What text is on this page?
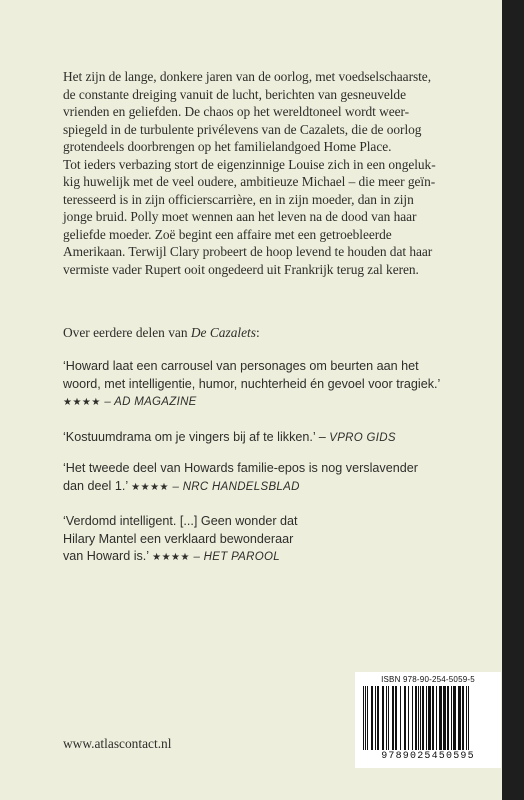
Het zijn de lange, donkere jaren van de oorlog, met voedselschaarste,

de constante dreiging vanuit de lucht, berichten van gesneuvelde

vrienden en geliefden. De chaos op het wereldtoneel wordt weer-

spiegeld in de turbulente privélevens van de Cazalets, die de oorlog

grotendeels doorbrengen op het familielandgoed Home Place.

Tot ieders verbazing stort de eigenzinnige Louise zich in een ongeluk-

kig huwelijk met de veel oudere, ambitieuze Michael – die meer geïn-

teresseerd is in zijn officierscarrière, en in zijn moeder, dan in zijn

jonge bruid. Polly moet wennen aan het leven na de dood van haar

geliefde moeder. Zoë begint een affaire met een getroebleerde

Amerikaan. Terwijl Clary probeert de hoop levend te houden dat haar

vermiste vader Rupert ooit ongedeerd uit Frankrijk terug zal keren.

Over eerdere delen van De Cazalets:
‘Howard laat een carrousel van personages om beurten aan het
woord, met intelligentie, humor, nuchterheid én gevoel voor tragiek.’
★★★★ – AD MAGAZINE
‘Kostuumdrama om je vingers bij af te likken.’ – VPRO GIDS
‘Het tweede deel van Howards familie-epos is nog verslavender
dan deel 1.’ ★★★★ – NRC HANDELSBLAD
‘Verdomd intelligent. [...] Geen wonder dat
Hilary Mantel een verklaard bewonderaar
van Howard is.’ ★★★★ – HET PAROOL
www.atlascontact.nl
ISBN 978-90-254-5059-5
9789025450595
